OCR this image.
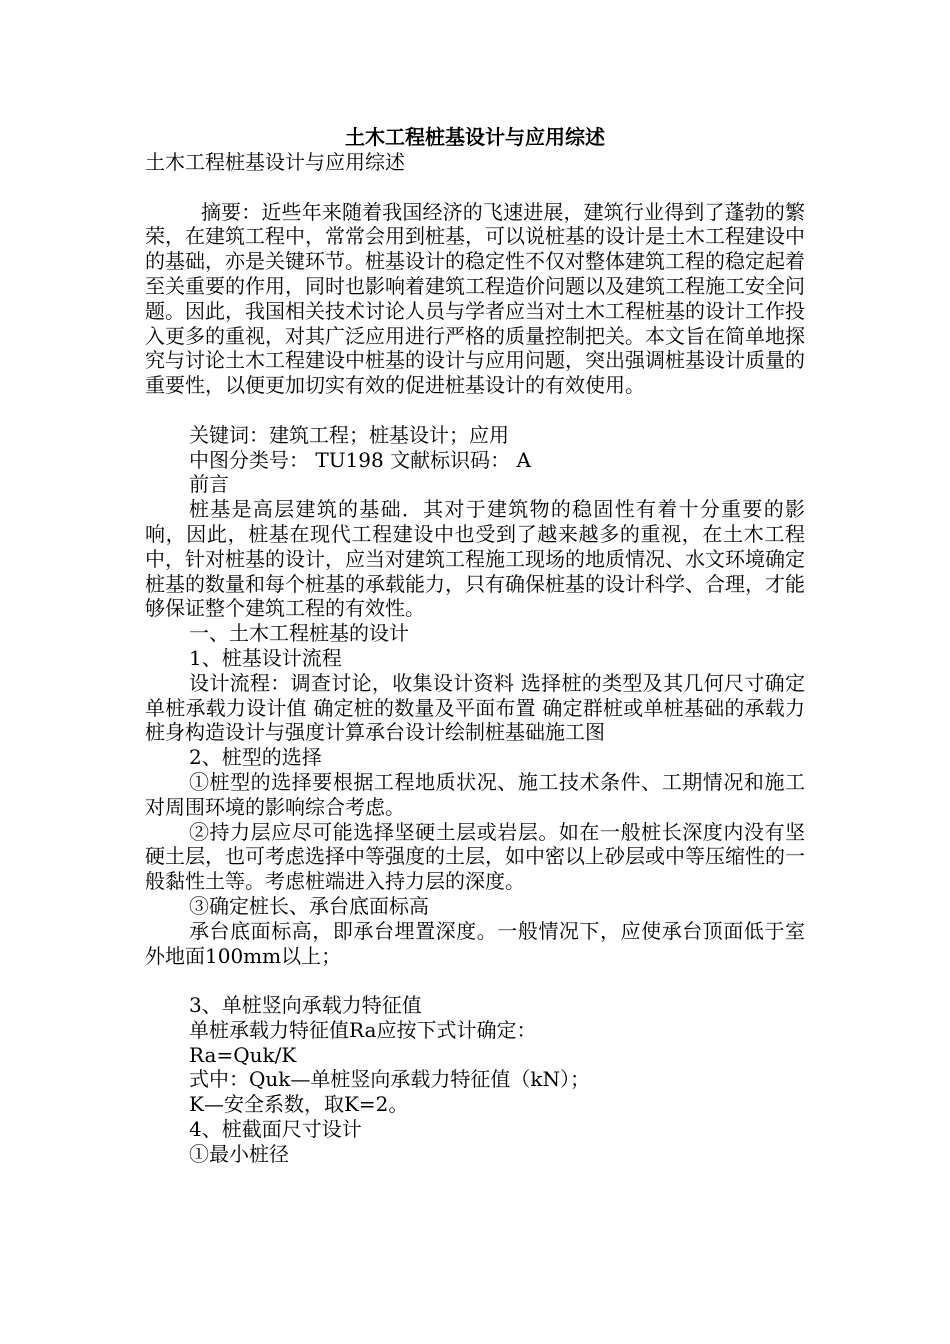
土木工程桩基设计与应用综述

土木工程桩基设计与应用综述

摘要：近些年来随着我国经济的飞速进展，建筑行业得到了蓬勃的繁荣，在建筑工程中，常常会用到桩基，可以说桩基的设计是土木工程建设中的基础，亦是关键环节。桩基设计的稳定性不仅对整体建筑工程的稳定起着至关重要的作用，同时也影响着建筑工程造价问题以及建筑工程施工安全问题。因此，我国相关技术讨论人员与学者应当对土木工程桩基的设计工作投入更多的重视，对其广泛应用进行严格的质量控制把关。本文旨在简单地探究与讨论土木工程建设中桩基的设计与应用问题，突出强调桩基设计质量的重要性，以便更加切实有效的促进桩基设计的有效使用。

关键词：建筑工程；桩基设计；应用

中图分类号： TU198 文献标识码： A

前言

桩基是高层建筑的基础．其对于建筑物的稳固性有着十分重要的影响，因此，桩基在现代工程建设中也受到了越来越多的重视，在土木工程中，针对桩基的设计，应当对建筑工程施工现场的地质情况、水文环境确定桩基的数量和每个桩基的承载能力，只有确保桩基的设计科学、合理，才能够保证整个建筑工程的有效性。

一、土木工程桩基的设计

1、桩基设计流程

设计流程：调查讨论，收集设计资料 选择桩的类型及其几何尺寸确定单桩承载力设计值 确定桩的数量及平面布置 确定群桩或单桩基础的承载力桩身构造设计与强度计算承台设计绘制桩基础施工图

2、桩型的选择

①桩型的选择要根据工程地质状况、施工技术条件、工期情况和施工对周围环境的影响综合考虑。

②持力层应尽可能选择坚硬土层或岩层。如在一般桩长深度内没有坚硬土层，也可考虑选择中等强度的土层，如中密以上砂层或中等压缩性的一般黏性土等。考虑桩端进入持力层的深度。

③确定桩长、承台底面标高

承台底面标高，即承台埋置深度。一般情况下，应使承台顶面低于室外地面100mm以上；

3、单桩竖向承载力特征值

单桩承载力特征值Ra应按下式计确定：

Ra=Quk/K

式中：Quk—单桩竖向承载力特征值（kN）；

K—安全系数，取K=2。

4、桩截面尺寸设计

①最小桩径
